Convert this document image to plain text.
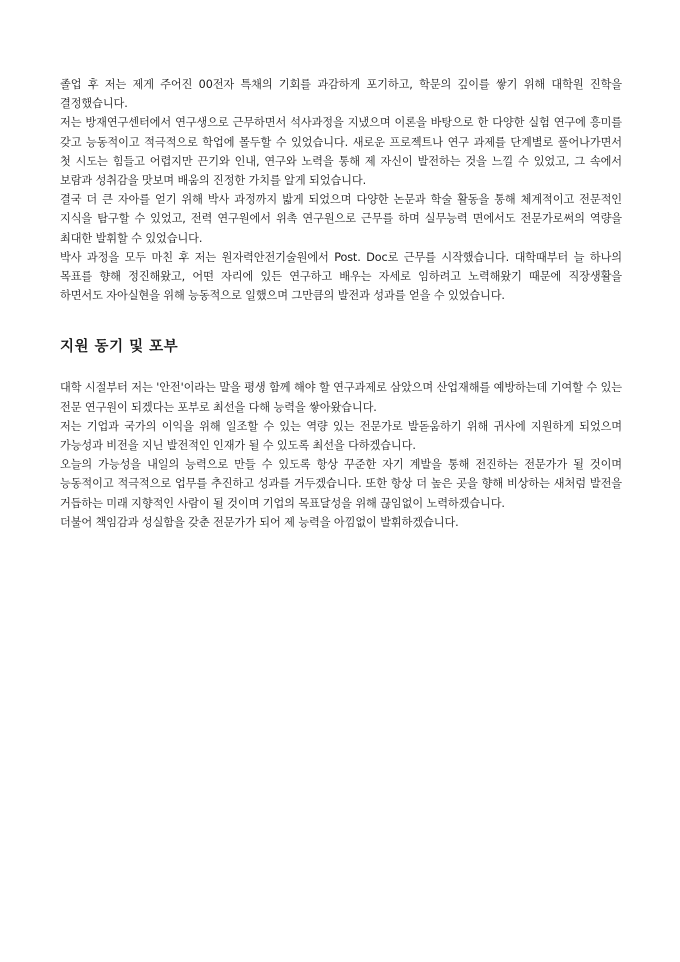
졸업 후 저는 제게 주어진 00전자 특채의 기회를 과감하게 포기하고, 학문의 깊이를 쌓기 위해 대학원 진학을 결정했습니다.

저는 방재연구센터에서 연구생으로 근무하면서 석사과정을 지냈으며 이론을 바탕으로 한 다양한 실험 연구에 흥미를 갖고 능동적이고 적극적으로 학업에 몰두할 수 있었습니다. 새로운 프로젝트나 연구 과제를 단계별로 풀어나가면서 첫 시도는 힘들고 어렵지만 끈기와 인내, 연구와 노력을 통해 제 자신이 발전하는 것을 느낄 수 있었고, 그 속에서 보람과 성취감을 맛보며 배움의 진정한 가치를 알게 되었습니다.

결국 더 큰 자아를 얻기 위해 박사 과정까지 밟게 되었으며 다양한 논문과 학술 활동을 통해 체계적이고 전문적인 지식을 탐구할 수 있었고, 전력 연구원에서 위촉 연구원으로 근무를 하며 실무능력 면에서도 전문가로써의 역량을 최대한 발휘할 수 있었습니다.

박사 과정을 모두 마친 후 저는 원자력안전기술원에서 Post. Doc로 근무를 시작했습니다. 대학때부터 늘 하나의 목표를 향해 정진해왔고, 어떤 자리에 있든 연구하고 배우는 자세로 임하려고 노력해왔기 때문에 직장생활을 하면서도 자아실현을 위해 능동적으로 일했으며 그만큼의 발전과 성과를 얻을 수 있었습니다.

지원 동기 및 포부

대학 시절부터 저는 '안전'이라는 말을 평생 함께 해야 할 연구과제로 삼았으며 산업재해를 예방하는데 기여할 수 있는 전문 연구원이 되겠다는 포부로 최선을 다해 능력을 쌓아왔습니다.

저는 기업과 국가의 이익을 위해 일조할 수 있는 역량 있는 전문가로 발돋움하기 위해 귀사에 지원하게 되었으며 가능성과 비전을 지닌 발전적인 인재가 될 수 있도록 최선을 다하겠습니다.

오늘의 가능성을 내일의 능력으로 만들 수 있도록 항상 꾸준한 자기 계발을 통해 전진하는 전문가가 될 것이며 능동적이고 적극적으로 업무를 추진하고 성과를 거두겠습니다. 또한 항상 더 높은 곳을 향해 비상하는 새처럼 발전을 거듭하는 미래 지향적인 사람이 될 것이며 기업의 목표달성을 위해 끊임없이 노력하겠습니다.

더불어 책임감과 성실함을 갖춘 전문가가 되어 제 능력을 아낌없이 발휘하겠습니다.
